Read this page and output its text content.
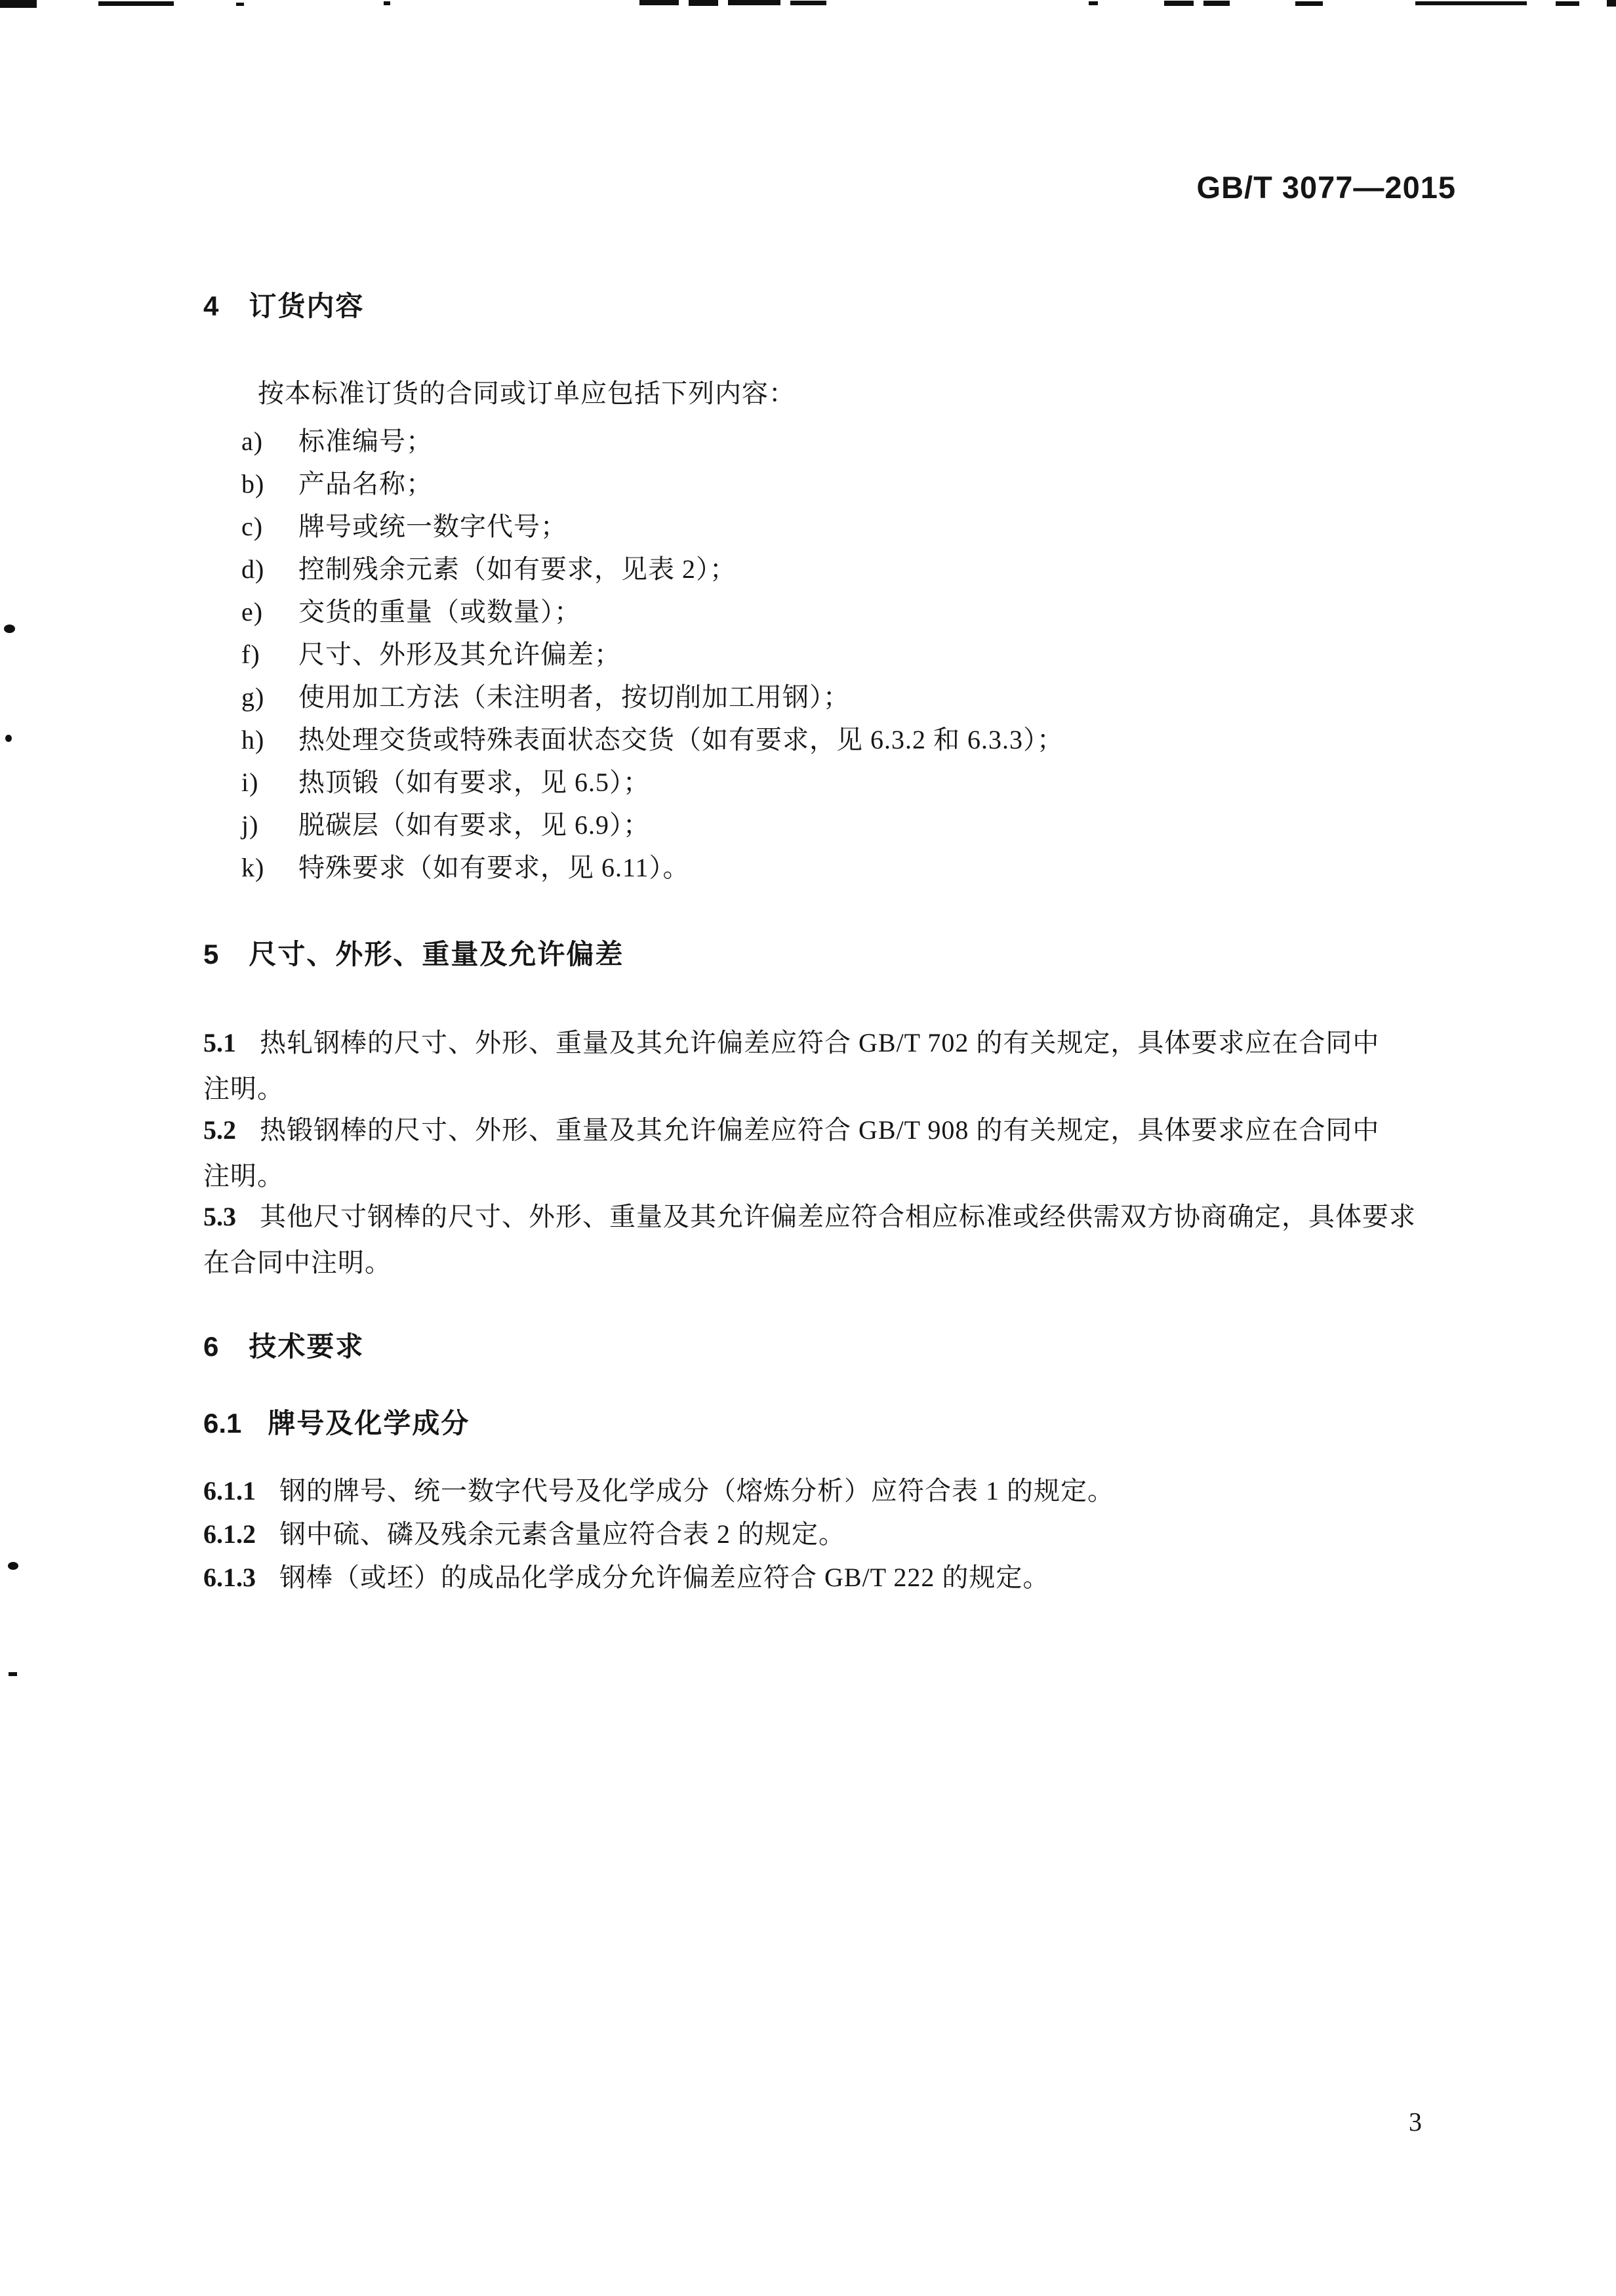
GB/T 3077—2015
4 订货内容
按本标准订货的合同或订单应包括下列内容：
a)	标准编号；
b)	产品名称；
c)	牌号或统一数字代号；
d)	控制残余元素（如有要求，见表 2）；
e)	交货的重量（或数量）；
f)	尺寸、外形及其允许偏差；
g)	使用加工方法（未注明者，按切削加工用钢）；
h)	热处理交货或特殊表面状态交货（如有要求，见 6.3.2 和 6.3.3）；
i)	热顶锻（如有要求，见 6.5）；
j)	脱碳层（如有要求，见 6.9）；
k)	特殊要求（如有要求，见 6.11）。
5 尺寸、外形、重量及允许偏差
5.1 热轧钢棒的尺寸、外形、重量及其允许偏差应符合 GB/T 702 的有关规定，具体要求应在合同中
注明。
5.2 热锻钢棒的尺寸、外形、重量及其允许偏差应符合 GB/T 908 的有关规定，具体要求应在合同中
注明。
5.3 其他尺寸钢棒的尺寸、外形、重量及其允许偏差应符合相应标准或经供需双方协商确定，具体要求
在合同中注明。
6 技术要求
6.1 牌号及化学成分
6.1.1 钢的牌号、统一数字代号及化学成分（熔炼分析）应符合表 1 的规定。
6.1.2 钢中硫、磷及残余元素含量应符合表 2 的规定。
6.1.3 钢棒（或坯）的成品化学成分允许偏差应符合 GB/T 222 的规定。
3
